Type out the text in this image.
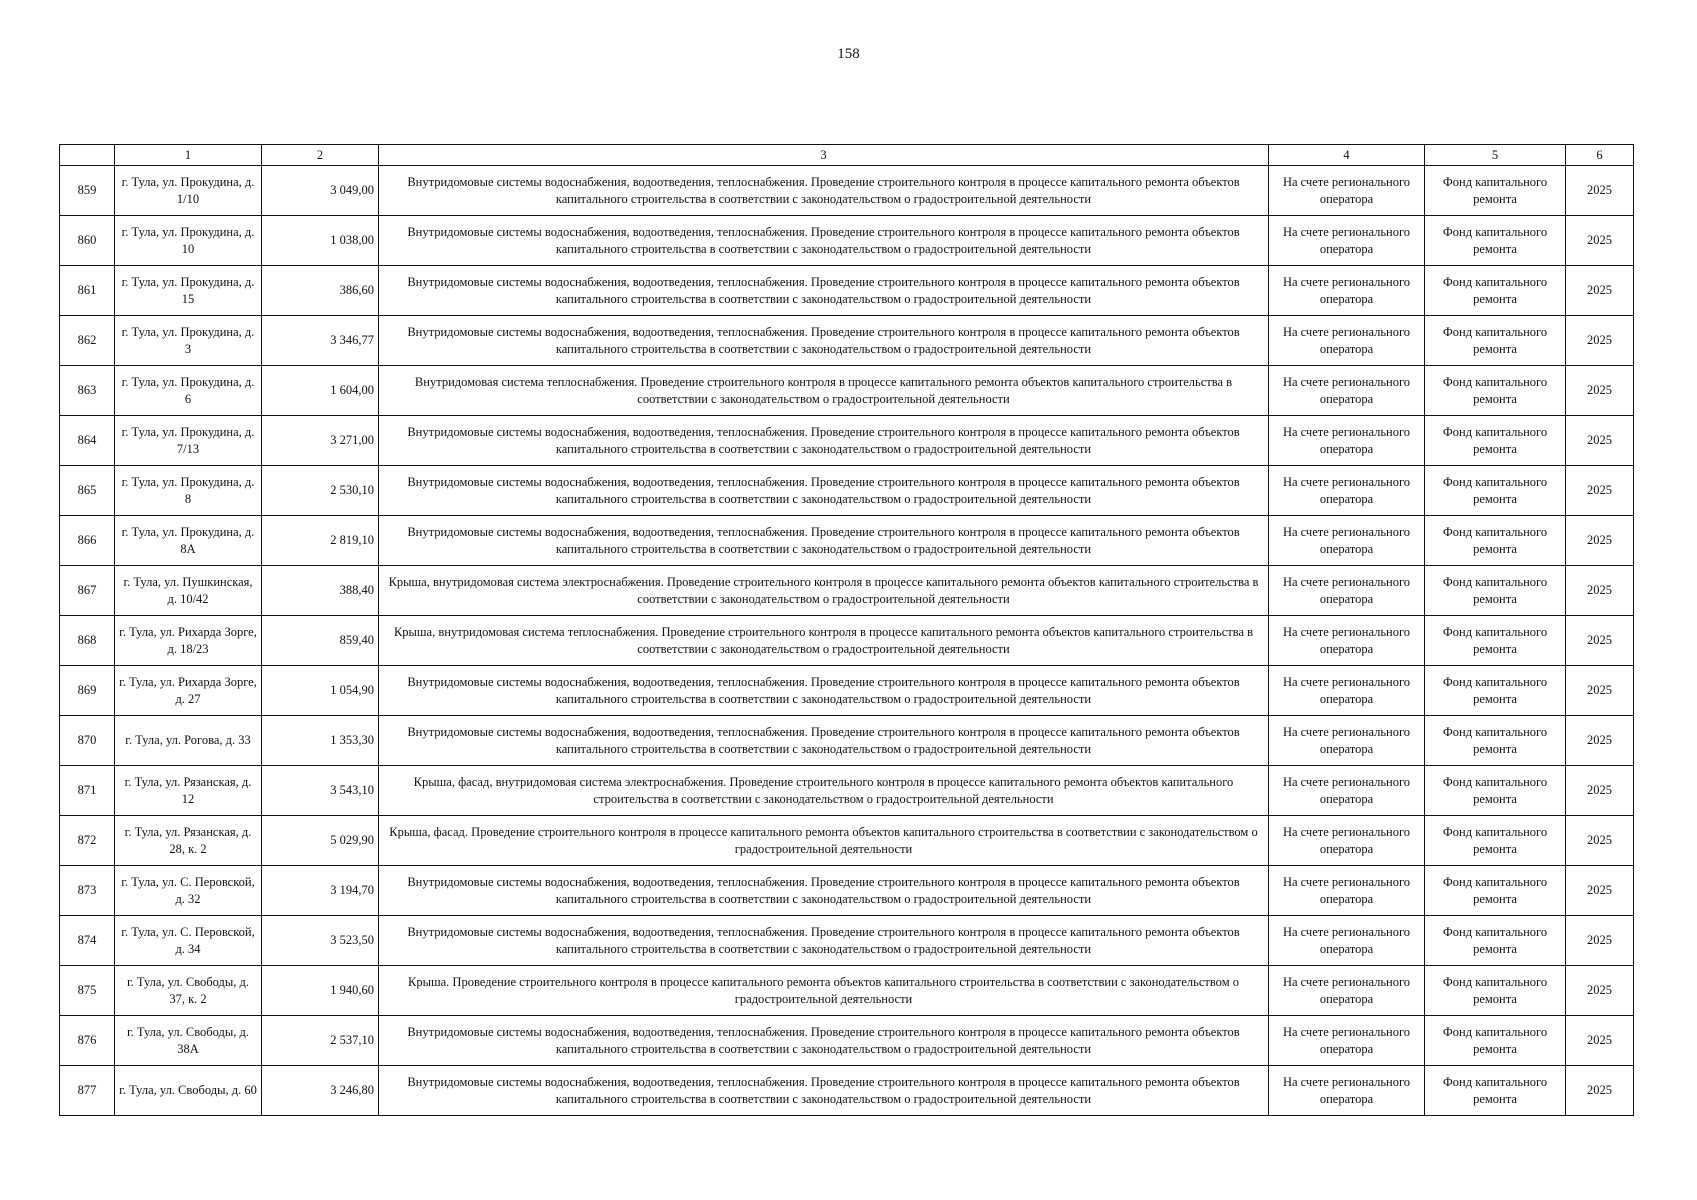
158
	1	2	3	4	5	6
859	г. Тула, ул. Прокудина, д. 1/10	3 049,00	Внутридомовые системы водоснабжения, водоотведения, теплоснабжения. Проведение строительного контроля в процессе капитального ремонта объектов капитального строительства в соответствии с законодательством о градостроительной деятельности	На счете регионального оператора	Фонд капитального ремонта	2025
860	г. Тула, ул. Прокудина, д. 10	1 038,00	Внутридомовые системы водоснабжения, водоотведения, теплоснабжения. Проведение строительного контроля в процессе капитального ремонта объектов капитального строительства в соответствии с законодательством о градостроительной деятельности	На счете регионального оператора	Фонд капитального ремонта	2025
861	г. Тула, ул. Прокудина, д. 15	386,60	Внутридомовые системы водоснабжения, водоотведения, теплоснабжения. Проведение строительного контроля в процессе капитального ремонта объектов капитального строительства в соответствии с законодательством о градостроительной деятельности	На счете регионального оператора	Фонд капитального ремонта	2025
862	г. Тула, ул. Прокудина, д. 3	3 346,77	Внутридомовые системы водоснабжения, водоотведения, теплоснабжения. Проведение строительного контроля в процессе капитального ремонта объектов капитального строительства в соответствии с законодательством о градостроительной деятельности	На счете регионального оператора	Фонд капитального ремонта	2025
863	г. Тула, ул. Прокудина, д. 6	1 604,00	Внутридомовая система теплоснабжения. Проведение строительного контроля в процессе капитального ремонта объектов капитального строительства в соответствии с законодательством о градостроительной деятельности	На счете регионального оператора	Фонд капитального ремонта	2025
864	г. Тула, ул. Прокудина, д. 7/13	3 271,00	Внутридомовые системы водоснабжения, водоотведения, теплоснабжения. Проведение строительного контроля в процессе капитального ремонта объектов капитального строительства в соответствии с законодательством о градостроительной деятельности	На счете регионального оператора	Фонд капитального ремонта	2025
865	г. Тула, ул. Прокудина, д. 8	2 530,10	Внутридомовые системы водоснабжения, водоотведения, теплоснабжения. Проведение строительного контроля в процессе капитального ремонта объектов капитального строительства в соответствии с законодательством о градостроительной деятельности	На счете регионального оператора	Фонд капитального ремонта	2025
866	г. Тула, ул. Прокудина, д. 8А	2 819,10	Внутридомовые системы водоснабжения, водоотведения, теплоснабжения. Проведение строительного контроля в процессе капитального ремонта объектов капитального строительства в соответствии с законодательством о градостроительной деятельности	На счете регионального оператора	Фонд капитального ремонта	2025
867	г. Тула, ул. Пушкинская, д. 10/42	388,40	Крыша, внутридомовая система электроснабжения. Проведение строительного контроля в процессе капитального ремонта объектов капитального строительства в соответствии с законодательством о градостроительной деятельности	На счете регионального оператора	Фонд капитального ремонта	2025
868	г. Тула, ул. Рихарда Зорге, д. 18/23	859,40	Крыша, внутридомовая система теплоснабжения. Проведение строительного контроля в процессе капитального ремонта объектов капитального строительства в соответствии с законодательством о градостроительной деятельности	На счете регионального оператора	Фонд капитального ремонта	2025
869	г. Тула, ул. Рихарда Зорге, д. 27	1 054,90	Внутридомовые системы водоснабжения, водоотведения, теплоснабжения. Проведение строительного контроля в процессе капитального ремонта объектов капитального строительства в соответствии с законодательством о градостроительной деятельности	На счете регионального оператора	Фонд капитального ремонта	2025
870	г. Тула, ул. Рогова, д. 33	1 353,30	Внутридомовые системы водоснабжения, водоотведения, теплоснабжения. Проведение строительного контроля в процессе капитального ремонта объектов капитального строительства в соответствии с законодательством о градостроительной деятельности	На счете регионального оператора	Фонд капитального ремонта	2025
871	г. Тула, ул. Рязанская, д. 12	3 543,10	Крыша, фасад, внутридомовая система электроснабжения. Проведение строительного контроля в процессе капитального ремонта объектов капитального строительства в соответствии с законодательством о градостроительной деятельности	На счете регионального оператора	Фонд капитального ремонта	2025
872	г. Тула, ул. Рязанская, д. 28, к. 2	5 029,90	Крыша, фасад. Проведение строительного контроля в процессе капитального ремонта объектов капитального строительства в соответствии с законодательством о градостроительной деятельности	На счете регионального оператора	Фонд капитального ремонта	2025
873	г. Тула, ул. С. Перовской, д. 32	3 194,70	Внутридомовые системы водоснабжения, водоотведения, теплоснабжения. Проведение строительного контроля в процессе капитального ремонта объектов капитального строительства в соответствии с законодательством о градостроительной деятельности	На счете регионального оператора	Фонд капитального ремонта	2025
874	г. Тула, ул. С. Перовской, д. 34	3 523,50	Внутридомовые системы водоснабжения, водоотведения, теплоснабжения. Проведение строительного контроля в процессе капитального ремонта объектов капитального строительства в соответствии с законодательством о градостроительной деятельности	На счете регионального оператора	Фонд капитального ремонта	2025
875	г. Тула, ул. Свободы, д. 37, к. 2	1 940,60	Крыша. Проведение строительного контроля в процессе капитального ремонта объектов капитального строительства в соответствии с законодательством о градостроительной деятельности	На счете регионального оператора	Фонд капитального ремонта	2025
876	г. Тула, ул. Свободы, д. 38А	2 537,10	Внутридомовые системы водоснабжения, водоотведения, теплоснабжения. Проведение строительного контроля в процессе капитального ремонта объектов капитального строительства в соответствии с законодательством о градостроительной деятельности	На счете регионального оператора	Фонд капитального ремонта	2025
877	г. Тула, ул. Свободы, д. 60	3 246,80	Внутридомовые системы водоснабжения, водоотведения, теплоснабжения. Проведение строительного контроля в процессе капитального ремонта объектов капитального строительства в соответствии с законодательством о градостроительной деятельности	На счете регионального оператора	Фонд капитального ремонта	2025
